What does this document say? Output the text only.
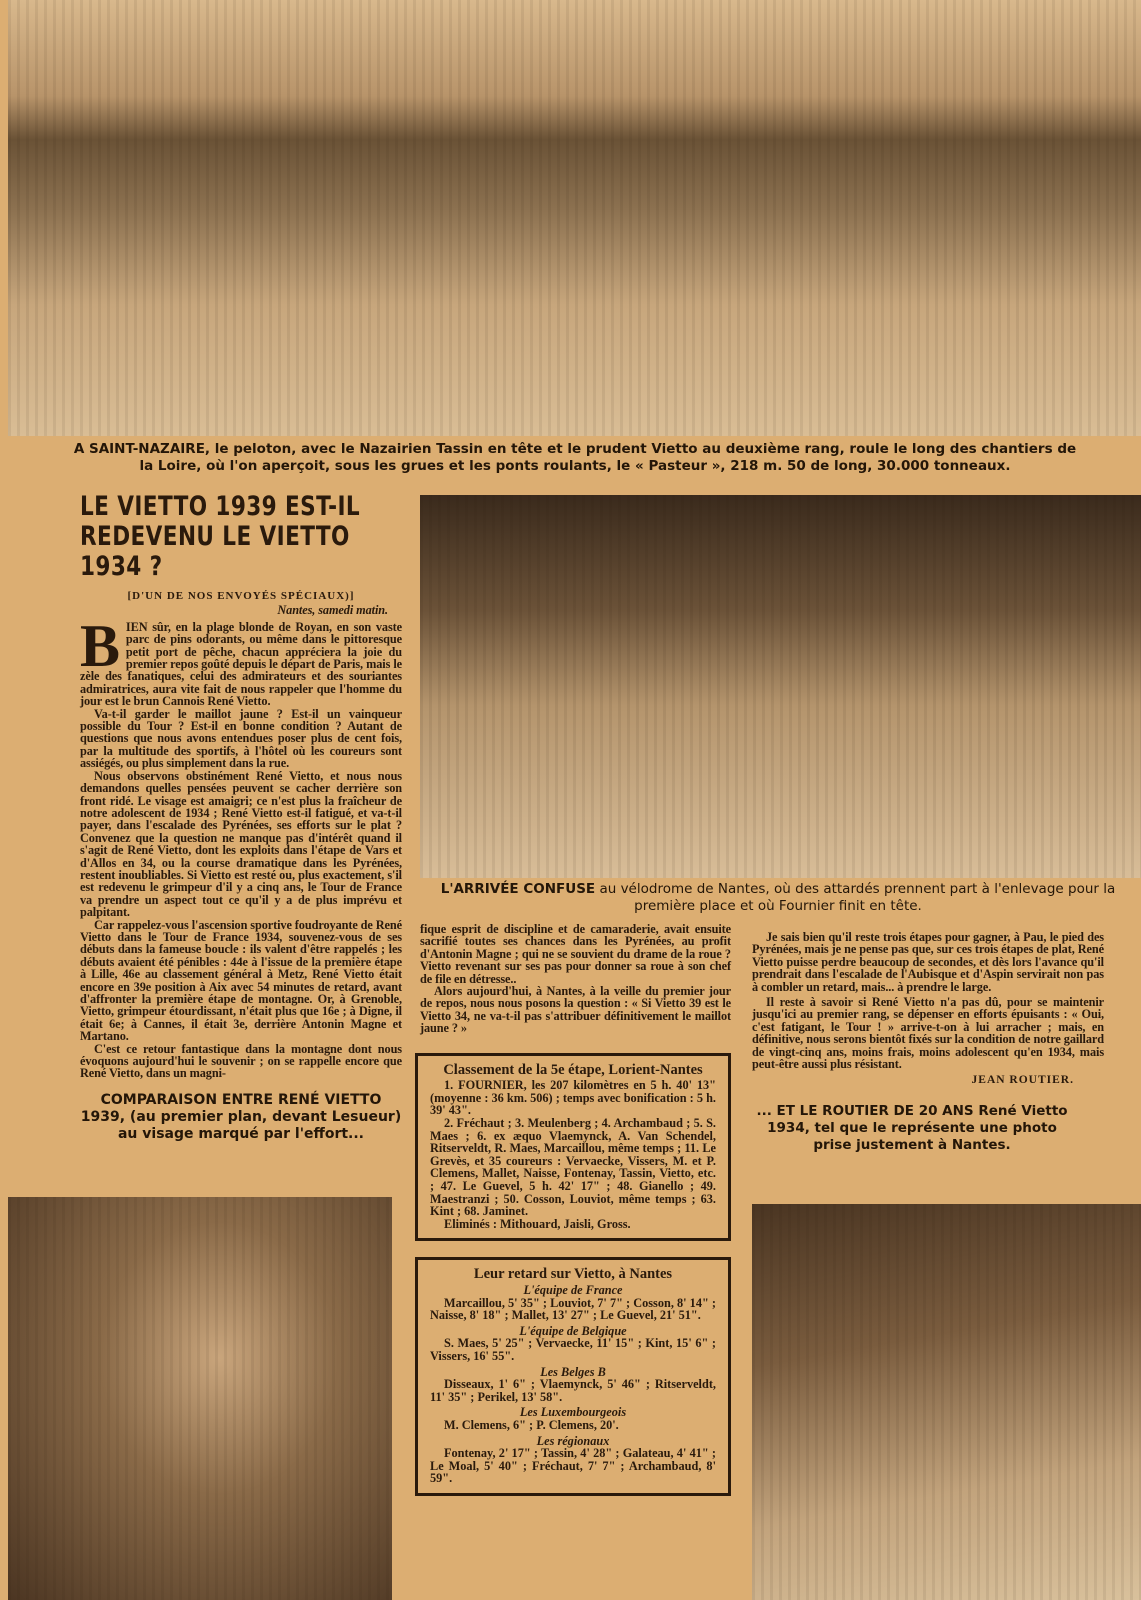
A SAINT-NAZAIRE, le peloton, avec le Nazairien Tassin en tête et le prudent Vietto au deuxième rang, roule le long des chantiers de la Loire, où l'on aperçoit, sous les grues et les ponts roulants, le « Pasteur », 218 m. 50 de long, 30.000 tonneaux.
LE VIETTO 1939 EST-IL REDEVENU LE VIETTO 1934 ?
[D'UN DE NOS ENVOYÉS SPÉCIAUX)]
Nantes, samedi matin.
B IEN sûr, en la plage blonde de Royan, en son vaste parc de pins odorants, ou même dans le pittoresque petit port de pêche, chacun appréciera la joie du premier repos goûté depuis le départ de Paris, mais le zèle des fanatiques, celui des admirateurs et des souriantes admiratrices, aura vite fait de nous rappeler que l'homme du jour est le brun Cannois René Vietto.

Va-t-il garder le maillot jaune ? Est-il un vainqueur possible du Tour ? Est-il en bonne condition ? Autant de questions que nous avons entendues poser plus de cent fois, par la multitude des sportifs, à l'hôtel où les coureurs sont assiégés, ou plus simplement dans la rue.

Nous observons obstinément René Vietto, et nous nous demandons quelles pensées peuvent se cacher derrière son front ridé. Le visage est amaigri; ce n'est plus la fraîcheur de notre adolescent de 1934 ; René Vietto est-il fatigué, et va-t-il payer, dans l'escalade des Pyrénées, ses efforts sur le plat ? Convenez que la question ne manque pas d'intérêt quand il s'agit de René Vietto, dont les exploits dans l'étape de Vars et d'Allos en 34, ou la course dramatique dans les Pyrénées, restent inoubliables. Si Vietto est resté ou, plus exactement, s'il est redevenu le grimpeur d'il y a cinq ans, le Tour de France va prendre un aspect tout ce qu'il y a de plus imprévu et palpitant.

Car rappelez-vous l'ascension sportive foudroyante de René Vietto dans le Tour de France 1934, souvenez-vous de ses débuts dans la fameuse boucle : ils valent d'être rappelés ; les débuts avaient été pénibles : 44e à l'issue de la première étape à Lille, 46e au classement général à Metz, René Vietto était encore en 39e position à Aix avec 54 minutes de retard, avant d'affronter la première étape de montagne. Or, à Grenoble, Vietto, grimpeur étourdissant, n'était plus que 16e ; à Digne, il était 6e; à Cannes, il était 3e, derrière Antonin Magne et Martano.

C'est ce retour fantastique dans la montagne dont nous évoquons aujourd'hui le souvenir ; on se rappelle encore que René Vietto, dans un magni-

COMPARAISON ENTRE RENÉ VIETTO 1939, (au premier plan, devant Lesueur) au visage marqué par l'effort...
L'ARRIVÉE CONFUSE au vélodrome de Nantes, où des attardés prennent part à l'enlevage pour la première place et où Fournier finit en tête.

fique esprit de discipline et de camaraderie, avait ensuite sacrifié toutes ses chances dans les Pyrénées, au profit d'Antonin Magne ; qui ne se souvient du drame de la roue ? Vietto revenant sur ses pas pour donner sa roue à son chef de file en détresse..

Alors aujourd'hui, à Nantes, à la veille du premier jour de repos, nous nous posons la question : « Si Vietto 39 est le Vietto 34, ne va-t-il pas s'attribuer définitivement le maillot jaune ? »

Classement de la 5e étape, Lorient-Nantes

1. FOURNIER, les 207 kilomètres en 5 h. 40' 13" (moyenne : 36 km. 506) ; temps avec bonification : 5 h. 39' 43".

2. Fréchaut ; 3. Meulenberg ; 4. Archambaud ; 5. S. Maes ; 6. ex æquo Vlaemynck, A. Van Schendel, Ritserveldt, R. Maes, Marcaillou, même temps ; 11. Le Grevès, et 35 coureurs : Vervaecke, Vissers, M. et P. Clemens, Mallet, Naisse, Fontenay, Tassin, Vietto, etc. ; 47. Le Guevel, 5 h. 42' 17" ; 48. Gianello ; 49. Maestranzi ; 50. Cosson, Louviot, même temps ; 63. Kint ; 68. Jaminet.

Eliminés : Mithouard, Jaisli, Gross.

Leur retard sur Vietto, à Nantes

L'équipe de France

Marcaillou, 5' 35" ; Louviot, 7' 7" ; Cosson, 8' 14" ; Naisse, 8' 18" ; Mallet, 13' 27" ; Le Guevel, 21' 51".

L'équipe de Belgique

S. Maes, 5' 25" ; Vervaecke, 11' 15" ; Kint, 15' 6" ; Vissers, 16' 55".

Les Belges B

Disseaux, 1' 6" ; Vlaemynck, 5' 46" ; Ritserveldt, 11' 35" ; Perikel, 13' 58".

Les Luxembourgeois

M. Clemens, 6" ; P. Clemens, 20'.

Les régionaux

Fontenay, 2' 17" ; Tassin, 4' 28" ; Galateau, 4' 41" ; Le Moal, 5' 40" ; Fréchaut, 7' 7" ; Archambaud, 8' 59".

Je sais bien qu'il reste trois étapes pour gagner, à Pau, le pied des Pyrénées, mais je ne pense pas que, sur ces trois étapes de plat, René Vietto puisse perdre beaucoup de secondes, et dès lors l'avance qu'il prendrait dans l'escalade de l'Aubisque et d'Aspin servirait non pas à combler un retard, mais... à prendre le large.

Il reste à savoir si René Vietto n'a pas dû, pour se maintenir jusqu'ici au premier rang, se dépenser en efforts épuisants : « Oui, c'est fatigant, le Tour ! » arrive-t-on à lui arracher ; mais, en définitive, nous serons bientôt fixés sur la condition de notre gaillard de vingt-cinq ans, moins frais, moins adolescent qu'en 1934, mais peut-être aussi plus résistant.

JEAN ROUTIER.
... ET LE ROUTIER DE 20 ANS René Vietto 1934, tel que le représente une photo prise justement à Nantes.
